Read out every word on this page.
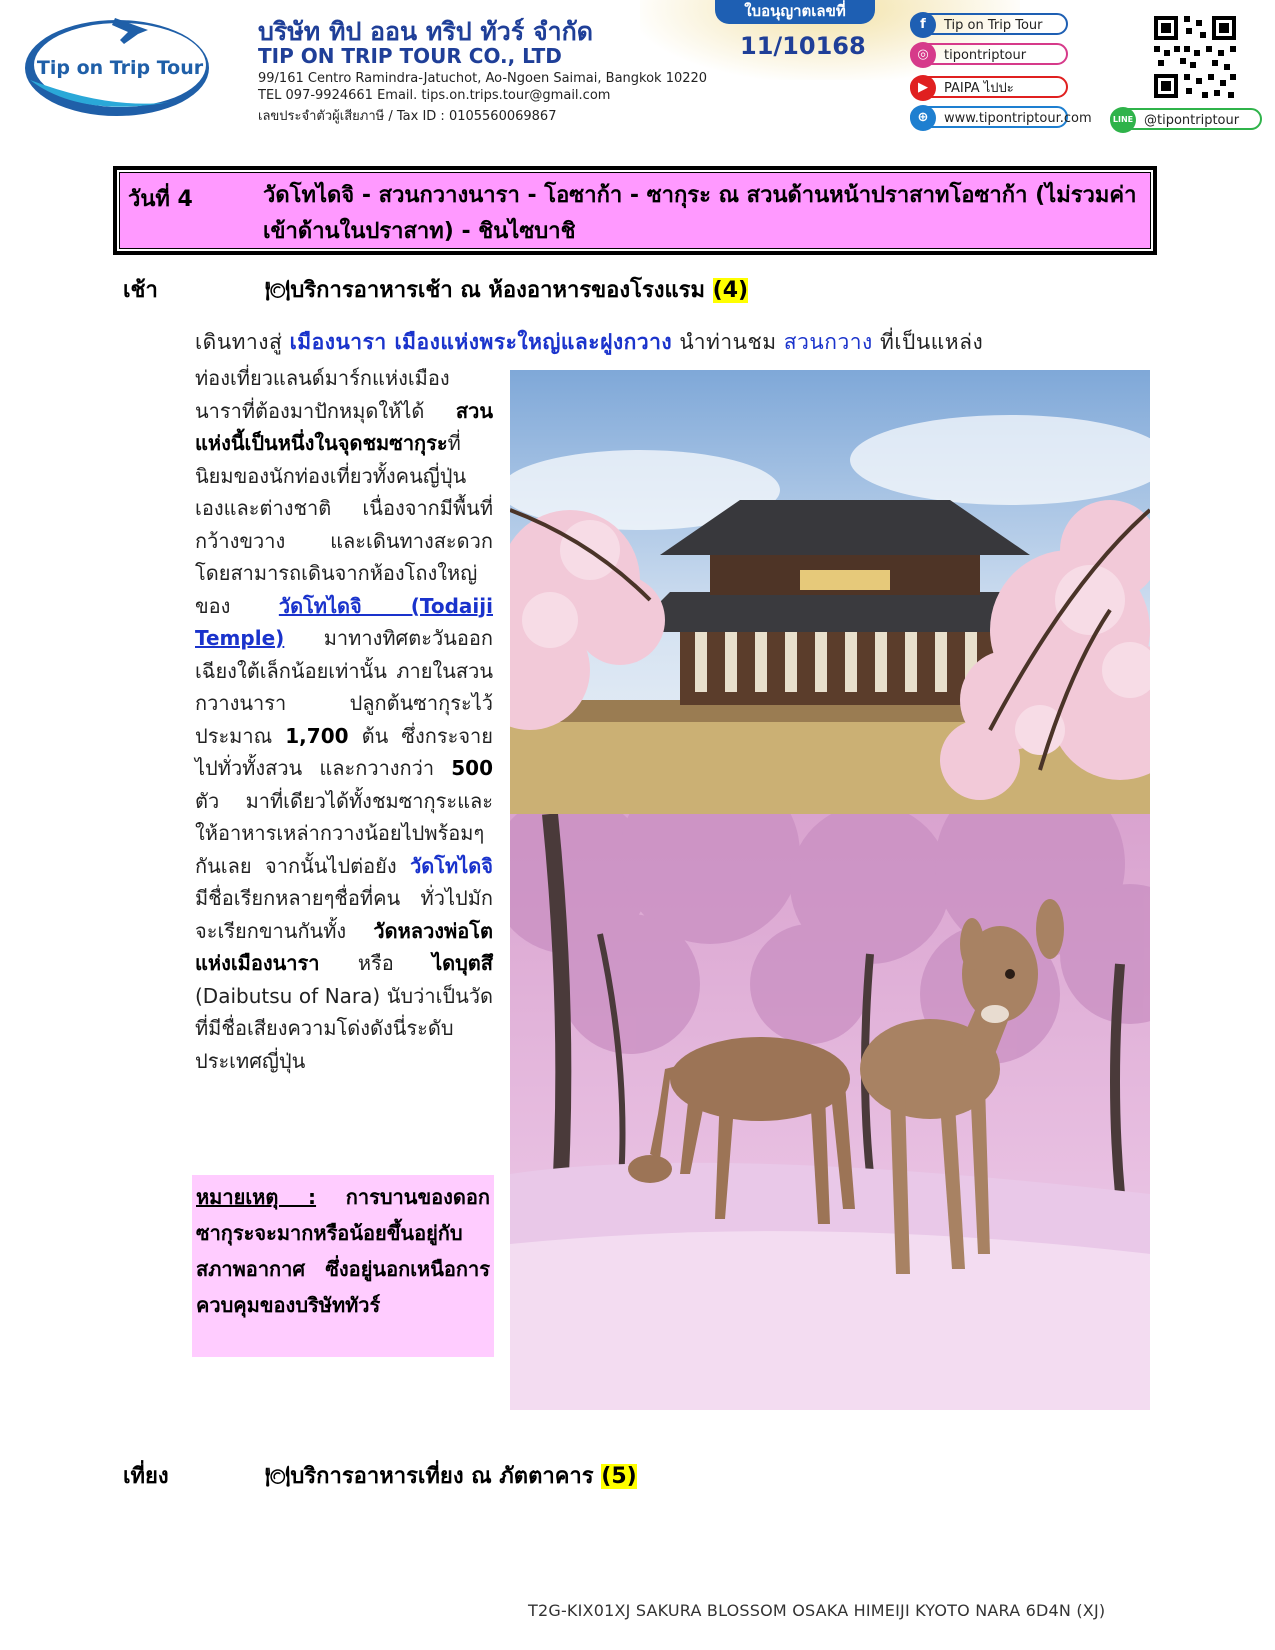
Tip on Trip Tour
บริษัท ทิป ออน ทริป ทัวร์ จำกัด
TIP ON TRIP TOUR CO., LTD
99/161 Centro Ramindra-Jatuchot, Ao-Ngoen Saimai, Bangkok 10220
TEL 097-9924661 Email. tips.on.trips.tour@gmail.com
เลขประจำตัวผู้เสียภาษี / Tax ID : 0105560069867
ใบอนุญาตเลขที่
11/10168
f	Tip on Trip Tour
◎	tipontriptour
▶	PAIPA ไปปะ
⊕	www.tipontriptour.com	LINE @tipontriptour
วันที่ 4	วัดโทไดจิ - สวนกวางนารา - โอซาก้า - ซากุระ ณ สวนด้านหน้าปราสาทโอซาก้า (ไม่รวมค่าเข้าด้านในปราสาท) - ชินไซบาชิ
เช้า	🍽บริการอาหารเช้า ณ ห้องอาหารของโรงแรม (4)
เดินทางสู่ เมืองนารา เมืองแห่งพระใหญ่และฝูงกวาง นำท่านชม สวนกวาง ที่เป็นแหล่ง
ท่องเที่ยวแลนด์มาร์กแห่งเมืองนาราที่ต้องมาปักหมุดให้ได้ สวนแห่งนี้เป็นหนึ่งในจุดชมซากุระที่นิยมของนักท่องเที่ยวทั้งคนญี่ปุ่นเองและต่างชาติ เนื่องจากมีพื้นที่กว้างขวาง และเดินทางสะดวก โดยสามารถเดินจากห้องโถงใหญ่ของ วัดโทไดจิ (Todaiji Temple) มาทางทิศตะวันออกเฉียงใต้เล็กน้อยเท่านั้น ภายในสวนกวางนารา ปลูกต้นซากุระไว้ประมาณ 1,700 ต้น ซึ่งกระจายไปทั่วทั้งสวน และกวางกว่า 500 ตัว มาที่เดียวได้ทั้งชมซากุระและให้อาหารเหล่ากวางน้อยไปพร้อมๆกันเลย จากนั้นไปต่อยัง วัดโทไดจิ มีชื่อเรียกหลายๆชื่อที่คน ทั่วไปมักจะเรียกขานกันทั้ง วัดหลวงพ่อโตแห่งเมืองนารา หรือ ไดบุตสึ (Daibutsu of Nara) นับว่าเป็นวัดที่มีชื่อเสียงความโด่งดังนี่ระดับประเทศญี่ปุ่น
หมายเหตุ : การบานของดอกซากุระจะมากหรือน้อยขึ้นอยู่กับสภาพอากาศ ซึ่งอยู่นอกเหนือการควบคุมของบริษัททัวร์
เที่ยง	🍽บริการอาหารเที่ยง ณ ภัตตาคาร (5)
T2G-KIX01XJ SAKURA BLOSSOM OSAKA HIMEIJI KYOTO NARA 6D4N (XJ)
